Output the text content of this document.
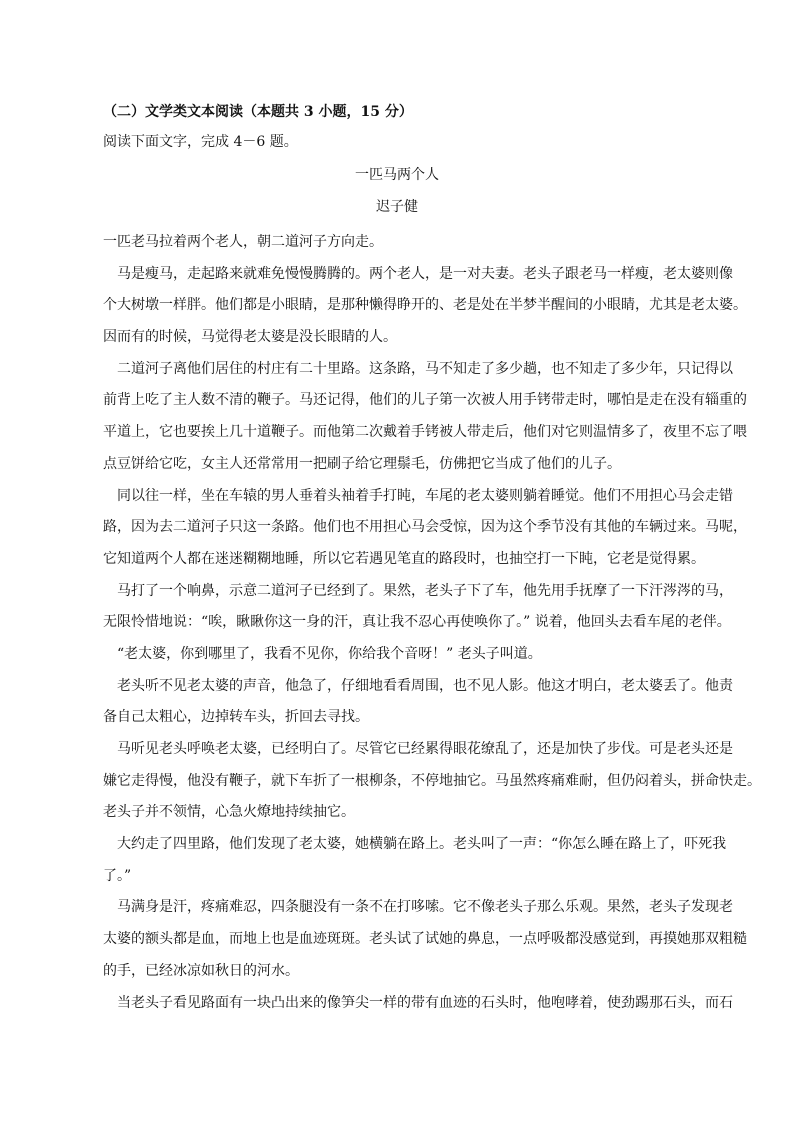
（二）文学类文本阅读（本题共 3 小题，15 分）
阅读下面文字，完成 4－6 题。
一匹马两个人
迟子健
一匹老马拉着两个老人，朝二道河子方向走。
　马是瘦马，走起路来就难免慢慢腾腾的。两个老人，是一对夫妻。老头子跟老马一样瘦，老太婆则像
个大树墩一样胖。他们都是小眼睛，是那种懒得睁开的、老是处在半梦半醒间的小眼睛，尤其是老太婆。
因而有的时候，马觉得老太婆是没长眼睛的人。
　二道河子离他们居住的村庄有二十里路。这条路，马不知走了多少趟，也不知走了多少年，只记得以
前背上吃了主人数不清的鞭子。马还记得，他们的儿子第一次被人用手铐带走时，哪怕是走在没有辎重的
平道上，它也要挨上几十道鞭子。而他第二次戴着手铐被人带走后，他们对它则温情多了，夜里不忘了喂
点豆饼给它吃，女主人还常常用一把刷子给它理鬃毛，仿佛把它当成了他们的儿子。
　同以往一样，坐在车辕的男人垂着头袖着手打盹，车尾的老太婆则躺着睡觉。他们不用担心马会走错
路，因为去二道河子只这一条路。他们也不用担心马会受惊，因为这个季节没有其他的车辆过来。马呢，
它知道两个人都在迷迷糊糊地睡，所以它若遇见笔直的路段时，也抽空打一下盹，它老是觉得累。
　马打了一个响鼻，示意二道河子已经到了。果然，老头子下了车，他先用手抚摩了一下汗涔涔的马，
无限怜惜地说：“唉，瞅瞅你这一身的汗，真让我不忍心再使唤你了。” 说着，他回头去看车尾的老伴。
　“老太婆，你到哪里了，我看不见你，你给我个音呀！” 老头子叫道。
　老头听不见老太婆的声音，他急了，仔细地看看周围，也不见人影。他这才明白，老太婆丢了。他责
备自己太粗心，边掉转车头，折回去寻找。
　马听见老头呼唤老太婆，已经明白了。尽管它已经累得眼花缭乱了，还是加快了步伐。可是老头还是
嫌它走得慢，他没有鞭子，就下车折了一根柳条，不停地抽它。马虽然疼痛难耐，但仍闷着头，拼命快走。
老头子并不领情，心急火燎地持续抽它。
　大约走了四里路，他们发现了老太婆，她横躺在路上。老头叫了一声：“你怎么睡在路上了，吓死我
了。”
　马满身是汗，疼痛难忍，四条腿没有一条不在打哆嗦。它不像老头子那么乐观。果然，老头子发现老
太婆的额头都是血，而地上也是血迹斑斑。老头试了试她的鼻息，一点呼吸都没感觉到，再摸她那双粗糙
的手，已经冰凉如秋日的河水。
　当老头子看见路面有一块凸出来的像笋尖一样的带有血迹的石头时，他咆哮着，使劲踢那石头，而石
